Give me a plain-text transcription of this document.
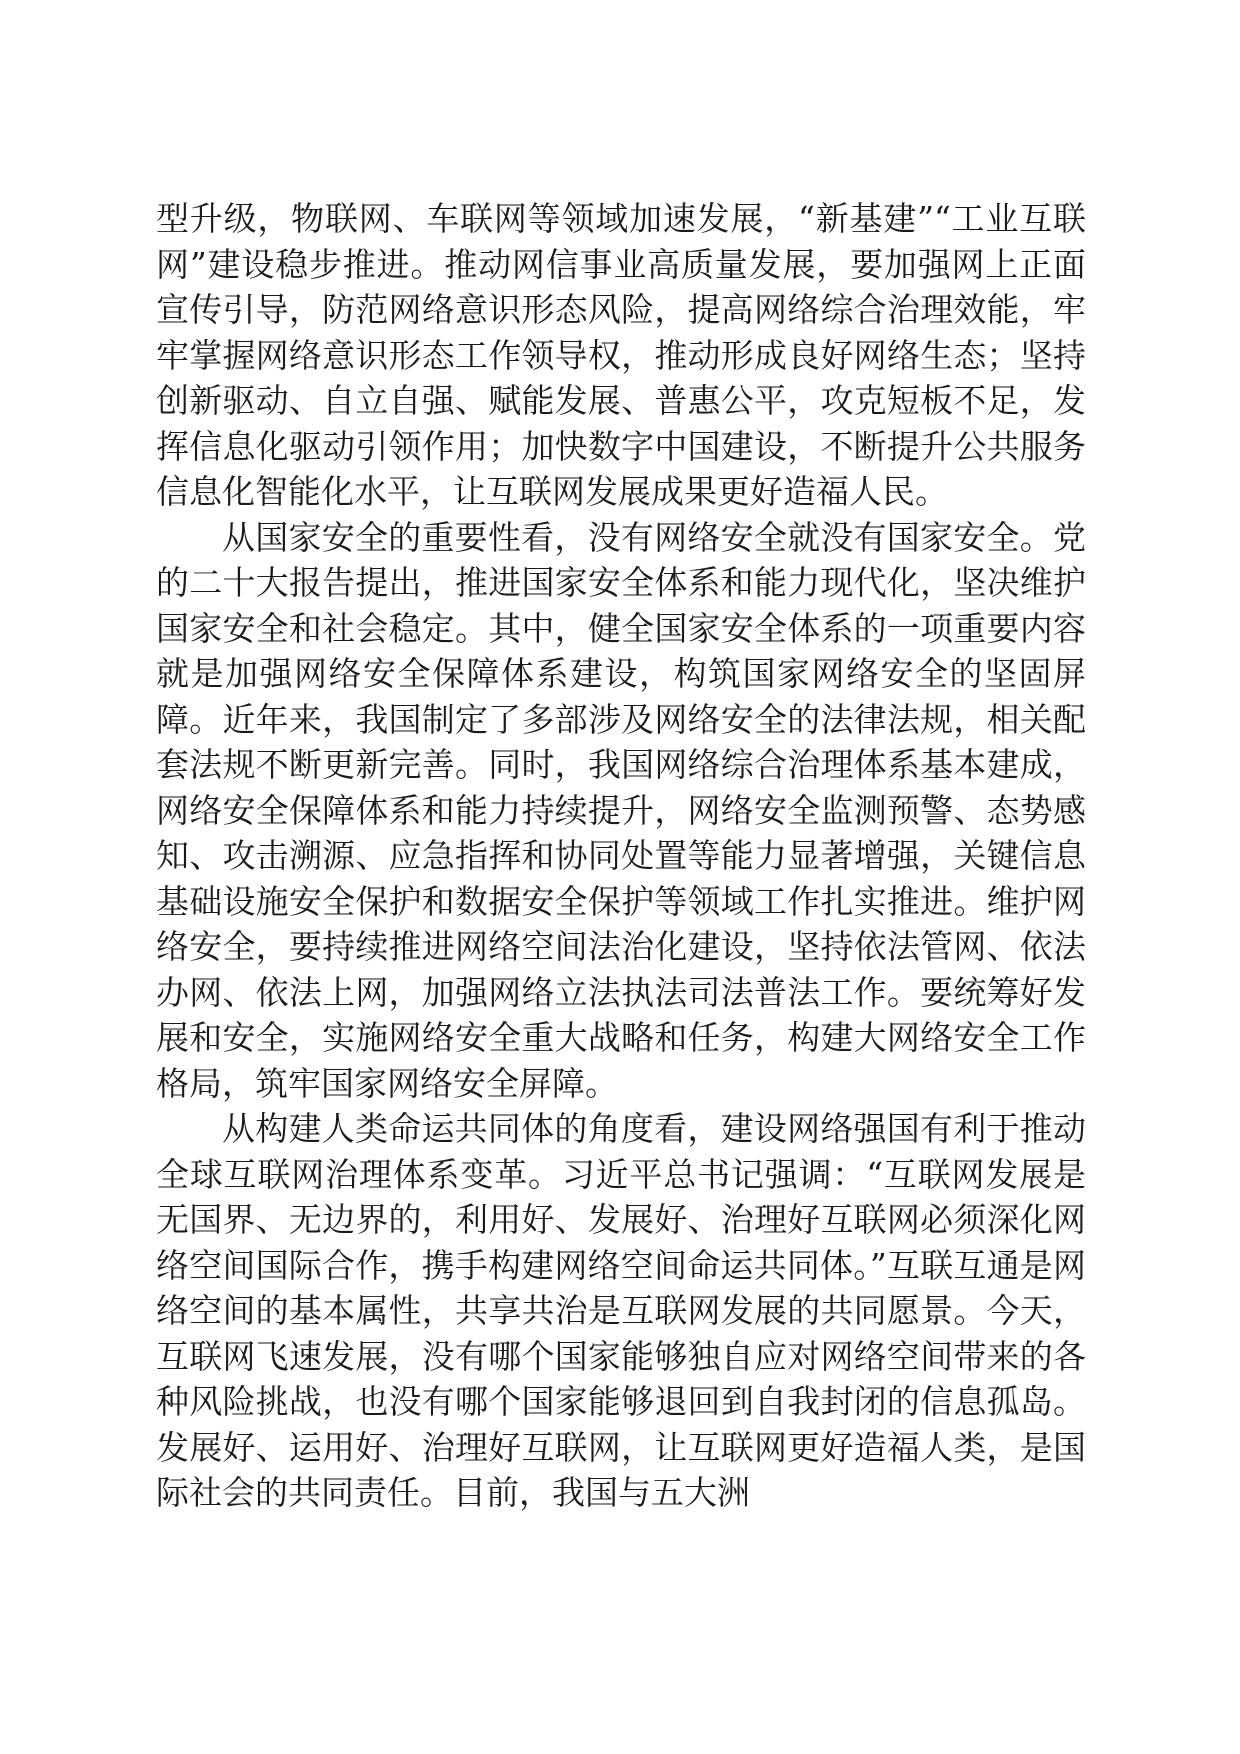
型升级，物联网、车联网等领域加速发展，“新基建”“工业互联网”建设稳步推进。推动网信事业高质量发展，要加强网上正面宣传引导，防范网络意识形态风险，提高网络综合治理效能，牢牢掌握网络意识形态工作领导权，推动形成良好网络生态；坚持创新驱动、自立自强、赋能发展、普惠公平，攻克短板不足，发挥信息化驱动引领作用；加快数字中国建设，不断提升公共服务信息化智能化水平，让互联网发展成果更好造福人民。

从国家安全的重要性看，没有网络安全就没有国家安全。党的二十大报告提出，推进国家安全体系和能力现代化，坚决维护国家安全和社会稳定。其中，健全国家安全体系的一项重要内容就是加强网络安全保障体系建设，构筑国家网络安全的坚固屏障。近年来，我国制定了多部涉及网络安全的法律法规，相关配套法规不断更新完善。同时，我国网络综合治理体系基本建成，网络安全保障体系和能力持续提升，网络安全监测预警、态势感知、攻击溯源、应急指挥和协同处置等能力显著增强，关键信息基础设施安全保护和数据安全保护等领域工作扎实推进。维护网络安全，要持续推进网络空间法治化建设，坚持依法管网、依法办网、依法上网，加强网络立法执法司法普法工作。要统筹好发展和安全，实施网络安全重大战略和任务，构建大网络安全工作格局，筑牢国家网络安全屏障。

从构建人类命运共同体的角度看，建设网络强国有利于推动全球互联网治理体系变革。习近平总书记强调：“互联网发展是无国界、无边界的，利用好、发展好、治理好互联网必须深化网络空间国际合作，携手构建网络空间命运共同体。”互联互通是网络空间的基本属性，共享共治是互联网发展的共同愿景。今天，互联网飞速发展，没有哪个国家能够独自应对网络空间带来的各种风险挑战，也没有哪个国家能够退回到自我封闭的信息孤岛。发展好、运用好、治理好互联网，让互联网更好造福人类，是国际社会的共同责任。目前，我国与五大洲
